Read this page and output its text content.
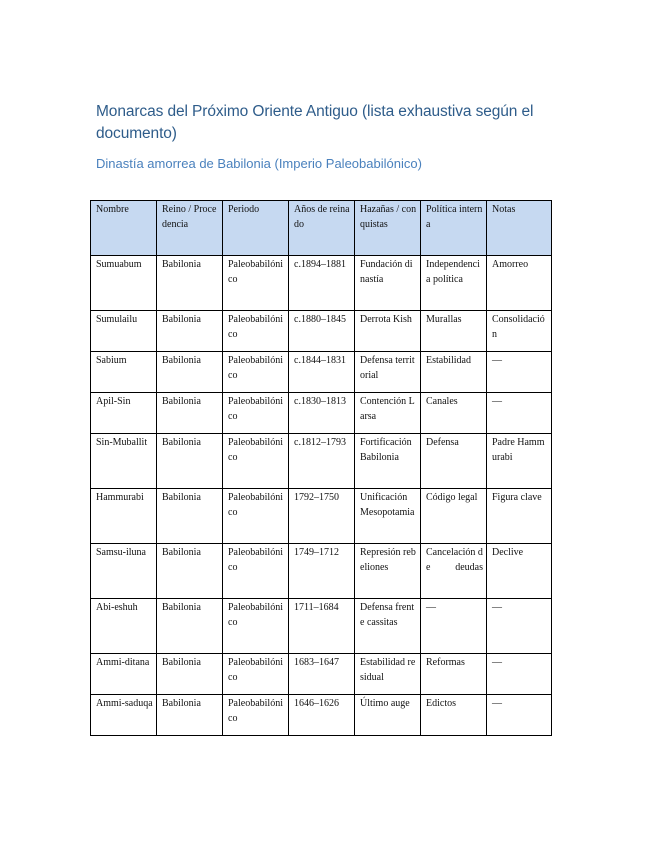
Monarcas del Próximo Oriente Antiguo (lista exhaustiva según el documento)
Dinastía amorrea de Babilonia (Imperio Paleobabilónico)
Nombre	Reino / Procedencia	Periodo	Años de reinado	Hazañas / conquistas	Política interna	Notas
Sumuabum	Babilonia	Paleobabilónico	c.1894–1881	Fundación dinastía	Independencia política	Amorreo
Sumulailu	Babilonia	Paleobabilónico	c.1880–1845	Derrota Kish	Murallas	Consolidación
Sabium	Babilonia	Paleobabilónico	c.1844–1831	Defensa territorial	Estabilidad	—
Apil-Sin	Babilonia	Paleobabilónico	c.1830–1813	Contención Larsa	Canales	—
Sin-Muballit	Babilonia	Paleobabilónico	c.1812–1793	Fortificación Babilonia	Defensa	Padre Hammurabi
Hammurabi	Babilonia	Paleobabilónico	1792–1750	Unificación Mesopotamia	Código legal	Figura clave
Samsu-iluna	Babilonia	Paleobabilónico	1749–1712	Represión rebeliones	Cancelación de deudas	Declive
Abi-eshuh	Babilonia	Paleobabilónico	1711–1684	Defensa frente cassitas	—	—
Ammi-ditana	Babilonia	Paleobabilónico	1683–1647	Estabilidad residual	Reformas	—
Ammi-saduqa	Babilonia	Paleobabilónico	1646–1626	Último auge	Edictos	—
